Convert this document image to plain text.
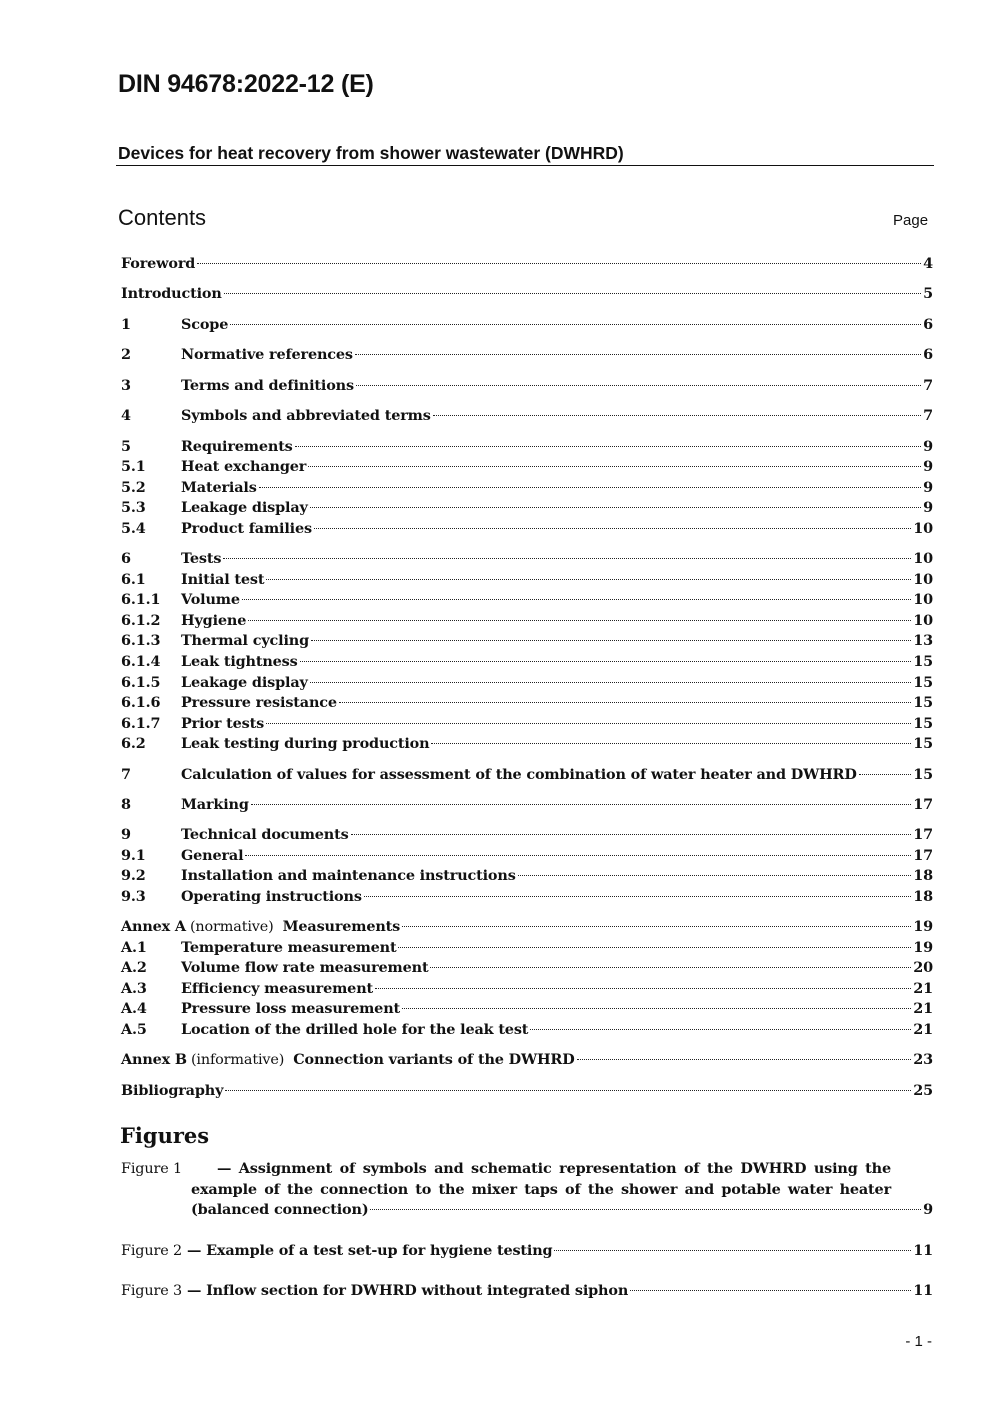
DIN 94678:2022-12 (E)
Devices for heat recovery from shower wastewater (DWHRD)
Contents	Page
Foreword	4
Introduction	5
1	Scope	6
2	Normative references	6
3	Terms and definitions	7
4	Symbols and abbreviated terms	7
5	Requirements	9
5.1 Heat exchanger	9
5.2 Materials	9
5.3 Leakage display	9
5.4 Product families	10
6	Tests	10
6.1 Initial test	10
6.1.1 Volume	10
6.1.2 Hygiene	10
6.1.3 Thermal cycling	13
6.1.4 Leak tightness	15
6.1.5 Leakage display	15
6.1.6 Pressure resistance	15
6.1.7 Prior tests	15
6.2 Leak testing during production	15
7	Calculation of values for assessment of the combination of water heater and DWHRD	15
8	Marking	17
9	Technical documents	17
9.1 General	17
9.2 Installation and maintenance instructions	18
9.3 Operating instructions	18
Annex A (normative) Measurements	19
A.1 Temperature measurement	19
A.2 Volume flow rate measurement	20
A.3 Efficiency measurement	21
A.4 Pressure loss measurement	21
A.5 Location of the drilled hole for the leak test	21
Annex B (informative) Connection variants of the DWHRD	23
Bibliography	25
Figures
Figure 1 — Assignment of symbols and schematic representation of the DWHRD using the
example of the connection to the mixer taps of the shower and potable water heater
(balanced connection)	9
Figure 2 — Example of a test set-up for hygiene testing	11
Figure 3 — Inflow section for DWHRD without integrated siphon	11
- 1 -
